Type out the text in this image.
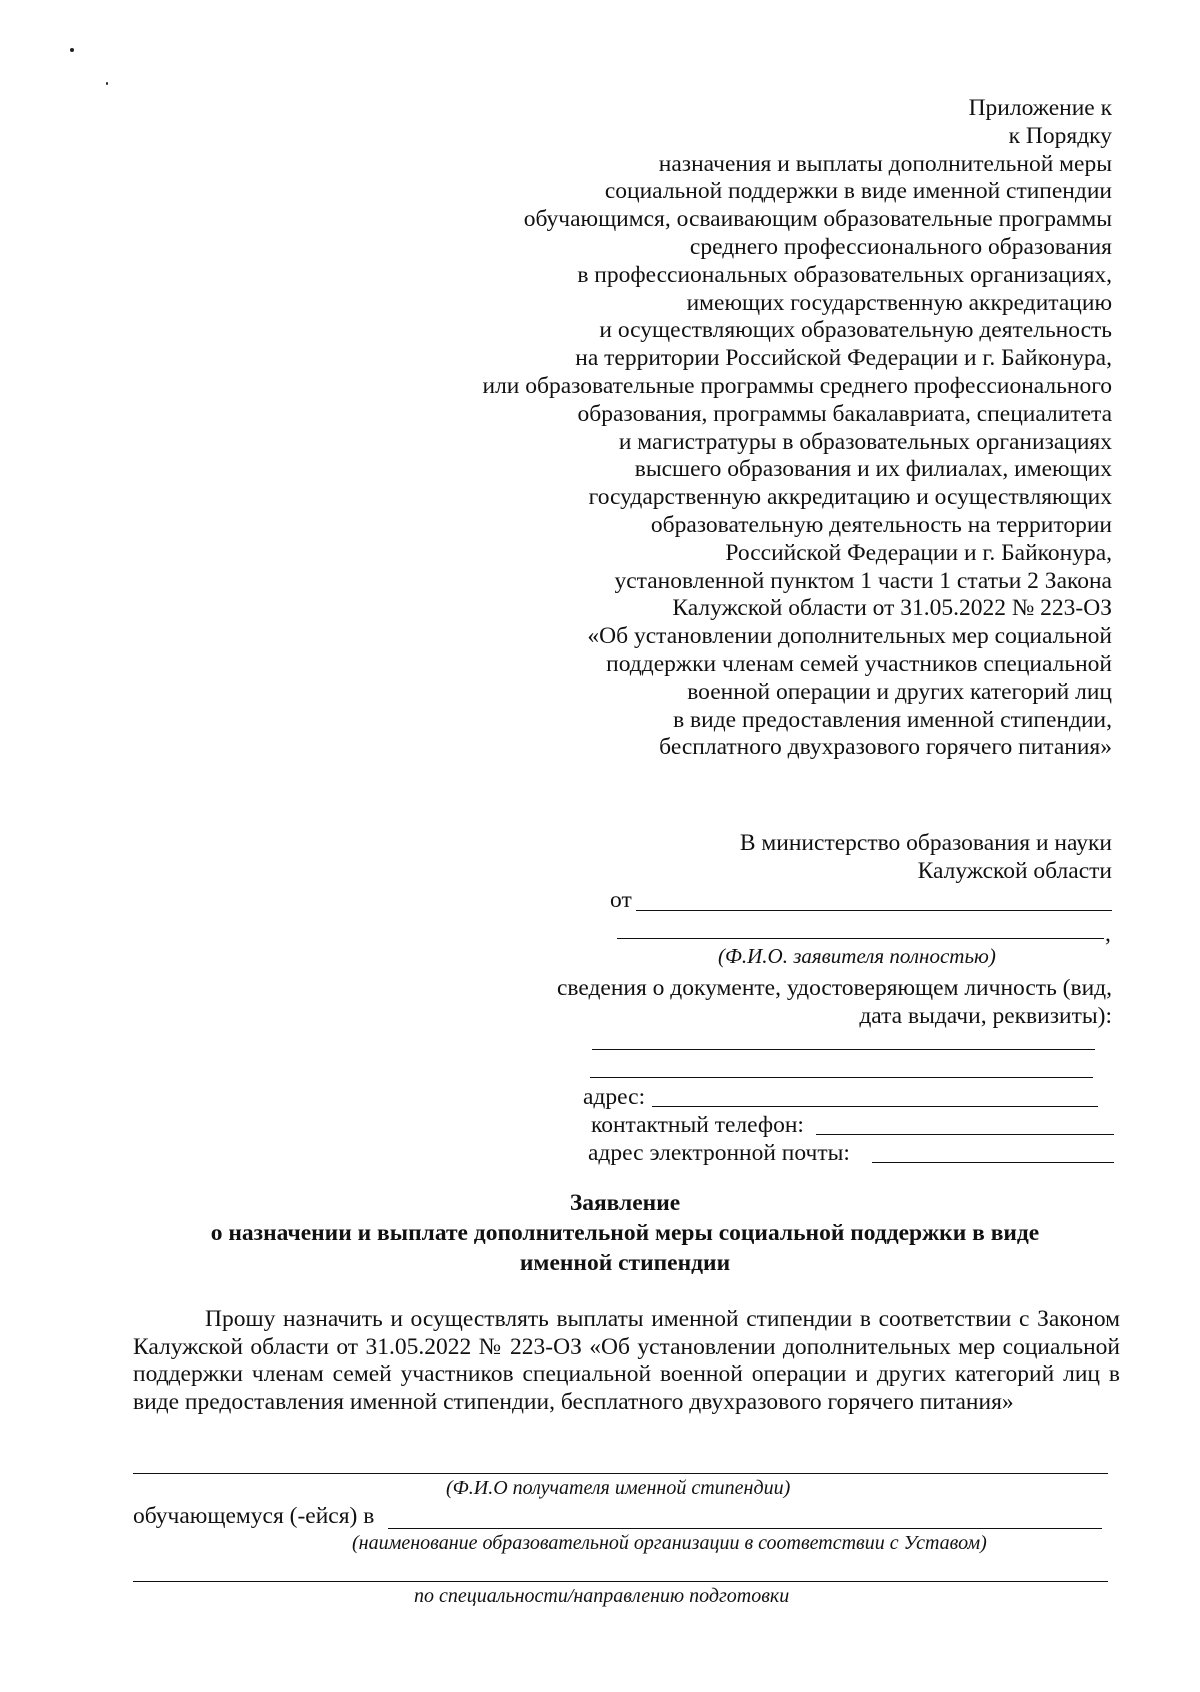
Приложение к
к Порядку
назначения и выплаты дополнительной меры
социальной поддержки в виде именной стипендии
обучающимся, осваивающим образовательные программы
среднего профессионального образования
в профессиональных образовательных организациях,
имеющих государственную аккредитацию
и осуществляющих образовательную деятельность
на территории Российской Федерации и г. Байконура,
или образовательные программы среднего профессионального
образования, программы бакалавриата, специалитета
и магистратуры в образовательных организациях
высшего образования и их филиалах, имеющих
государственную аккредитацию и осуществляющих
образовательную деятельность на территории
Российской Федерации и г. Байконура,
установленной пунктом 1 части 1 статьи 2 Закона
Калужской области от 31.05.2022 № 223-ОЗ
«Об установлении дополнительных мер социальной
поддержки членам семей участников специальной
военной операции и других категорий лиц
в виде предоставления именной стипендии,
бесплатного двухразового горячего питания»
В министерство образования и науки
Калужской области
от
,
(Ф.И.О. заявителя полностью)
сведения о документе, удостоверяющем личность (вид,
дата выдачи, реквизиты):
адрес:
контактный телефон:
адрес электронной почты:
Заявление
о назначении и выплате дополнительной меры социальной поддержки в виде
именной стипендии
Прошу назначить и осуществлять выплаты именной стипендии в соответствии с Законом Калужской области от 31.05.2022 № 223-ОЗ «Об установлении дополнительных мер социальной поддержки членам семей участников специальной военной операции и других категорий лиц в виде предоставления именной стипендии, бесплатного двухразового горячего питания»
(Ф.И.О получателя именной стипендии)
обучающемуся (-ейся) в
(наименование образовательной организации в соответствии с Уставом)
по специальности/направлению подготовки
